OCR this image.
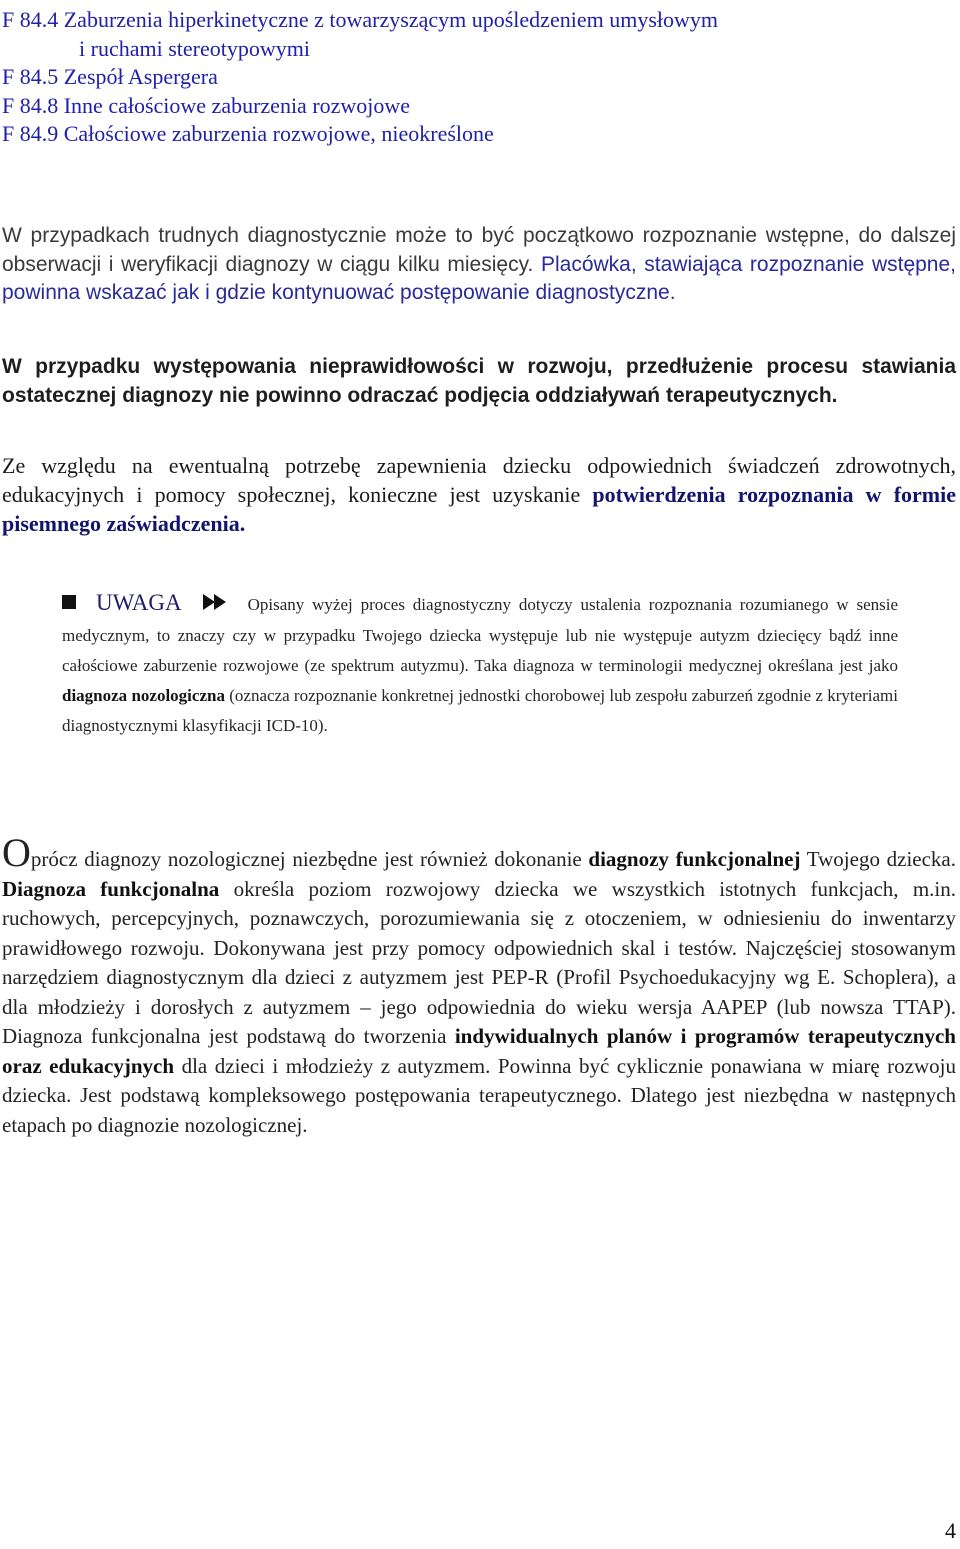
F 84.4 Zaburzenia hiperkinetyczne z towarzyszącym upośledzeniem umysłowym
i ruchami stereotypowymi
F 84.5 Zespół Aspergera
F 84.8 Inne całościowe zaburzenia rozwojowe
F 84.9 Całościowe zaburzenia rozwojowe, nieokreślone

W przypadkach trudnych diagnostycznie może to być początkowo rozpoznanie wstępne, do dalszej obserwacji i weryfikacji diagnozy w ciągu kilku miesięcy. Placówka, stawiająca rozpoznanie wstępne, powinna wskazać jak i gdzie kontynuować postępowanie diagnostyczne.

W przypadku występowania nieprawidłowości w rozwoju, przedłużenie procesu stawiania ostatecznej diagnozy nie powinno odraczać podjęcia oddziaływań terapeutycznych.

Ze względu na ewentualną potrzebę zapewnienia dziecku odpowiednich świadczeń zdrowotnych, edukacyjnych i pomocy społecznej, konieczne jest uzyskanie potwierdzenia rozpoznania w formie pisemnego zaświadczenia.

UWAGA	Opisany wyżej proces diagnostyczny dotyczy ustalenia rozpoznania rozumianego w sensie medycznym, to znaczy czy w przypadku Twojego dziecka występuje lub nie występuje autyzm dziecięcy bądź inne całościowe zaburzenie rozwojowe (ze spektrum autyzmu). Taka diagnoza w terminologii medycznej określana jest jako diagnoza nozologiczna (oznacza rozpoznanie konkretnej jednostki chorobowej lub zespołu zaburzeń zgodnie z kryteriami diagnostycznymi klasyfikacji ICD-10).

Oprócz diagnozy nozologicznej niezbędne jest również dokonanie diagnozy funkcjonalnej Twojego dziecka. Diagnoza funkcjonalna określa poziom rozwojowy dziecka we wszystkich istotnych funkcjach, m.in. ruchowych, percepcyjnych, poznawczych, porozumiewania się z otoczeniem, w odniesieniu do inwentarzy prawidłowego rozwoju. Dokonywana jest przy pomocy odpowiednich skal i testów. Najczęściej stosowanym narzędziem diagnostycznym dla dzieci z autyzmem jest PEP-R (Profil Psychoedukacyjny wg E. Schoplera), a dla młodzieży i dorosłych z autyzmem – jego odpowiednia do wieku wersja AAPEP (lub nowsza TTAP). Diagnoza funkcjonalna jest podstawą do tworzenia indywidualnych planów i programów terapeutycznych oraz edukacyjnych dla dzieci i młodzieży z autyzmem. Powinna być cyklicznie ponawiana w miarę rozwoju dziecka. Jest podstawą kompleksowego postępowania terapeutycznego. Dlatego jest niezbędna w następnych etapach po diagnozie nozologicznej.

4
